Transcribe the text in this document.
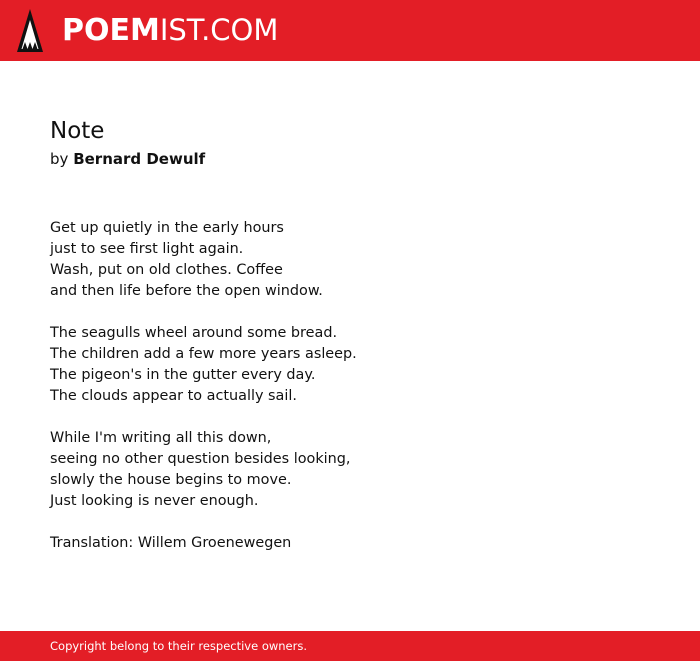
POEMIST.COM
Note

by Bernard Dewulf

Get up quietly in the early hours
just to see first light again.
Wash, put on old clothes. Coffee
and then life before the open window.
The seagulls wheel around some bread.
The children add a few more years asleep.
The pigeon's in the gutter every day.
The clouds appear to actually sail.
While I'm writing all this down,
seeing no other question besides looking,
slowly the house begins to move.
Just looking is never enough.

Translation: Willem Groenewegen

Copyright belong to their respective owners.
